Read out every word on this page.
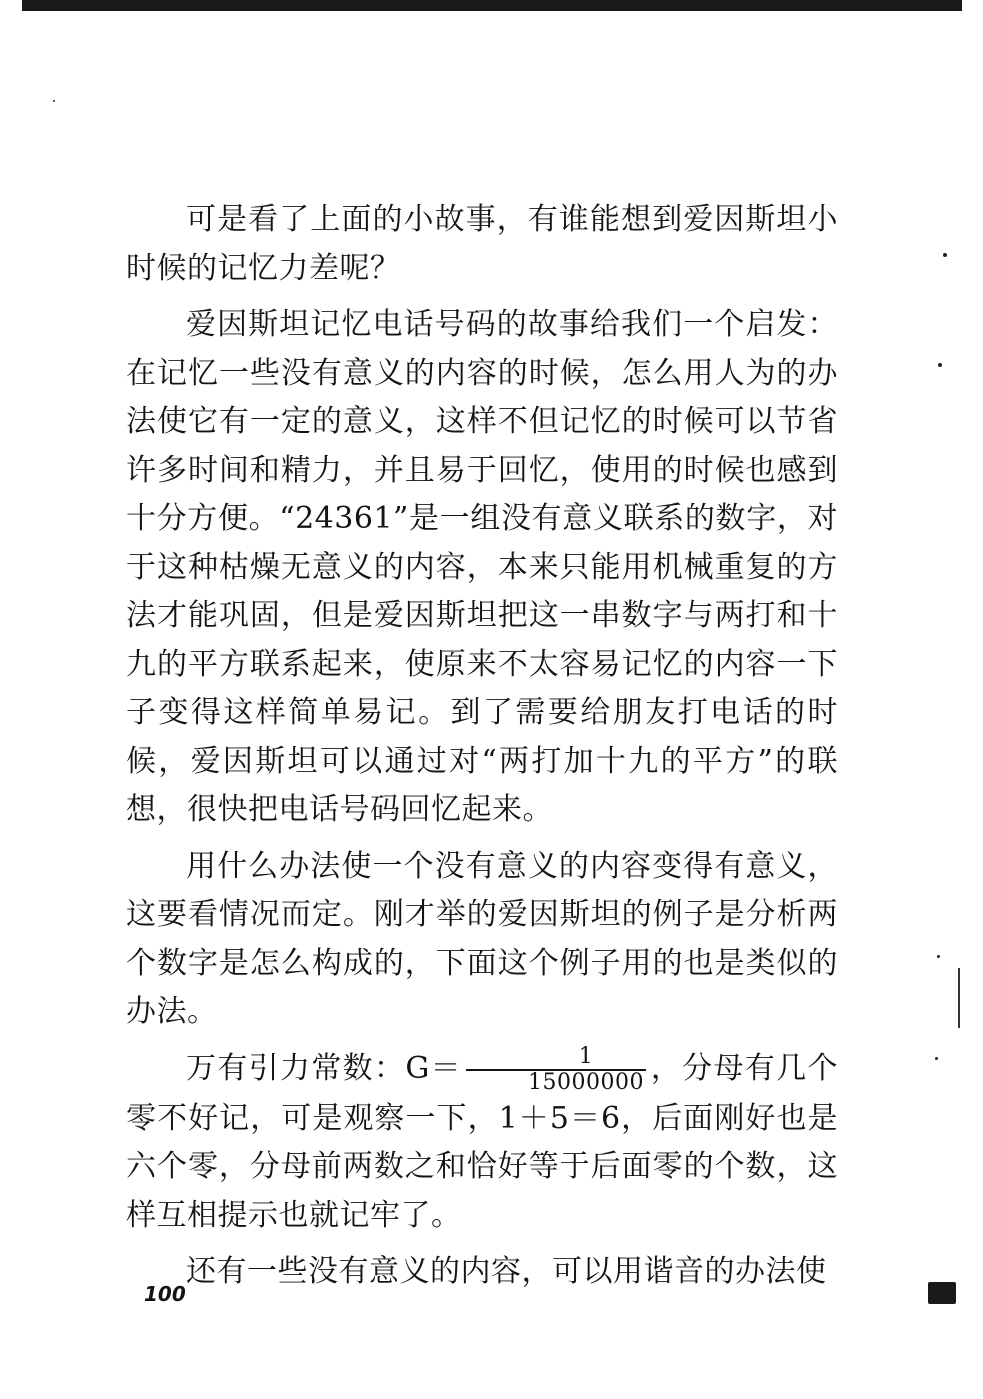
可是看了上面的小故事，有谁能想到爱因斯坦小时候的记忆力差呢？

爱因斯坦记忆电话号码的故事给我们一个启发：在记忆一些没有意义的内容的时候，怎么用人为的办法使它有一定的意义，这样不但记忆的时候可以节省许多时间和精力，并且易于回忆，使用的时候也感到十分方便。“24361”是一组没有意义联系的数字，对于这种枯燥无意义的内容，本来只能用机械重复的方法才能巩固，但是爱因斯坦把这一串数字与两打和十九的平方联系起来，使原来不太容易记忆的内容一下子变得这样简单易记。到了需要给朋友打电话的时候，爱因斯坦可以通过对“两打加十九的平方”的联想，很快把电话号码回忆起来。

用什么办法使一个没有意义的内容变得有意义，这要看情况而定。刚才举的爱因斯坦的例子是分析两个数字是怎么构成的，下面这个例子用的也是类似的办法。

万有引力常数：$G= \frac{1}{15000000}$ ，分母有几个零不好记，可是观察一下，1＋5＝6，后面刚好也是六个零，分母前两数之和恰好等于后面零的个数，这样互相提示也就记牢了。

还有一些没有意义的内容，可以用谐音的办法使

100
